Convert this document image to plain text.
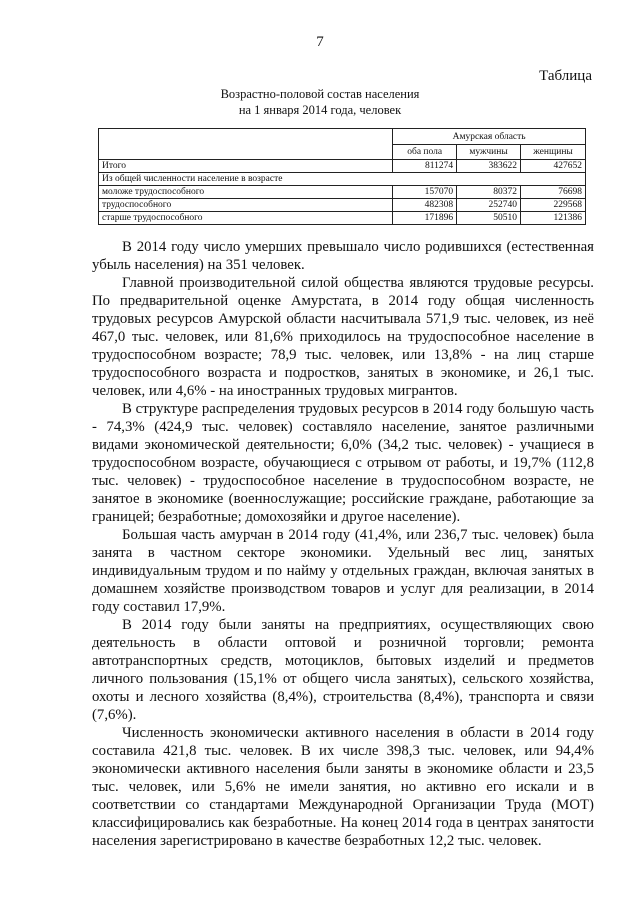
7
Таблица
Возрастно-половой состав населения
на 1 января 2014 года, человек
	Амурская область		
	оба пола	мужчины	женщины
Итого	811274	383622	427652
Из общей численности население в возрасте			
моложе трудоспособного	157070	80372	76698
трудоспособного	482308	252740	229568
старше трудоспособного	171896	50510	121386

В 2014 году число умерших превышало число родившихся (естественная убыль населения) на 351 человек.

Главной производительной силой общества являются трудовые ресурсы. По предварительной оценке Амурстата, в 2014 году общая численность трудовых ресурсов Амурской области насчитывала 571,9 тыс. человек, из неё 467,0 тыс. человек, или 81,6% приходилось на трудоспособное население в трудоспособном возрасте; 78,9 тыс. человек, или 13,8% - на лиц старше трудоспособного возраста и подростков, занятых в экономике, и 26,1 тыс. человек, или 4,6% - на иностранных трудовых мигрантов.

В структуре распределения трудовых ресурсов в 2014 году большую часть - 74,3% (424,9 тыс. человек) составляло население, занятое различными видами экономической деятельности; 6,0% (34,2 тыс. человек) - учащиеся в трудоспособном возрасте, обучающиеся с отрывом от работы, и 19,7% (112,8 тыс. человек) - трудоспособное население в трудоспособном возрасте, не занятое в экономике (военнослужащие; российские граждане, работающие за границей; безработные; домохозяйки и другое население).

Большая часть амурчан в 2014 году (41,4%, или 236,7 тыс. человек) была занята в частном секторе экономики. Удельный вес лиц, занятых индивидуальным трудом и по найму у отдельных граждан, включая занятых в домашнем хозяйстве производством товаров и услуг для реализации, в 2014 году составил 17,9%.

В 2014 году были заняты на предприятиях, осуществляющих свою деятельность в области оптовой и розничной торговли; ремонта автотранспортных средств, мотоциклов, бытовых изделий и предметов личного пользования (15,1% от общего числа занятых), сельского хозяйства, охоты и лесного хозяйства (8,4%), строительства (8,4%), транспорта и связи (7,6%).

Численность экономически активного населения в области в 2014 году составила 421,8 тыс. человек. В их числе 398,3 тыс. человек, или 94,4% экономически активного населения были заняты в экономике области и 23,5 тыс. человек, или 5,6% не имели занятия, но активно его искали и в соответствии со стандартами Международной Организации Труда (МОТ) классифицировались как безработные. На конец 2014 года в центрах занятости населения зарегистрировано в качестве безработных 12,2 тыс. человек.
